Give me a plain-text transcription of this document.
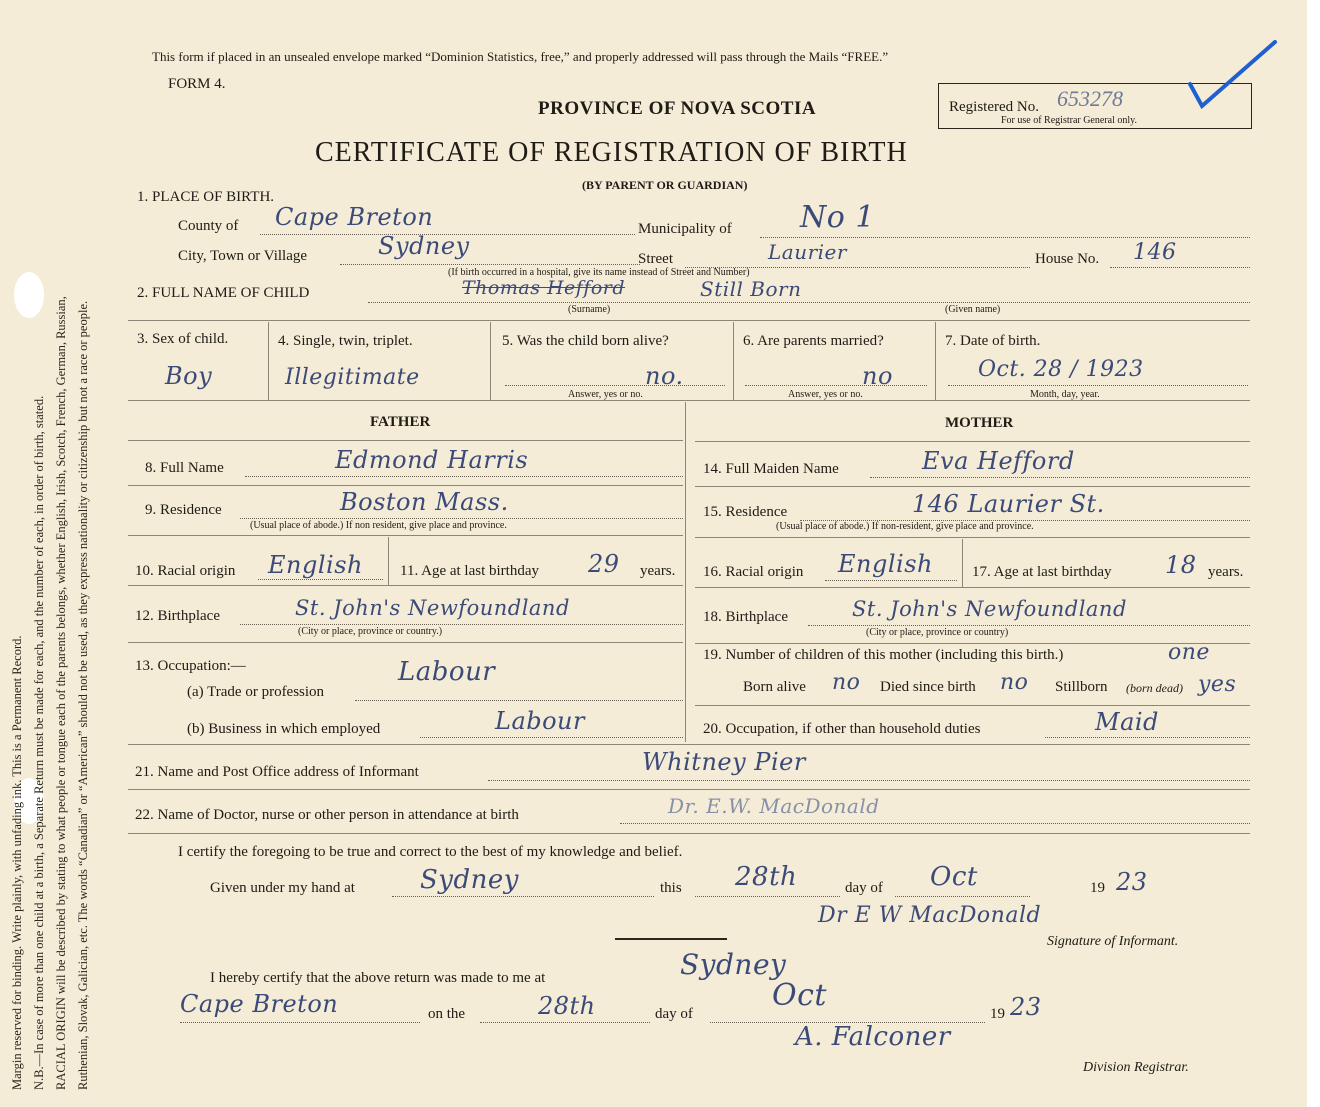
Margin reserved for binding. Write plainly, with unfading ink. This is a Permanent Record. N.B.—In case of more than one child at a birth, a Separate Return must be made for each, and the number of each, in order of birth, stated. RACIAL ORIGIN will be described by stating to what people or tongue each of the parents belongs, whether English, Irish, Scotch, French, German, Russian, Ruthenian, Slovak, Galician, etc. The words “Canadian” or “American” should not be used, as they express nationality or citizenship but not a race or people.
This form if placed in an unsealed envelope marked “Dominion Statistics, free,” and properly addressed will pass through the Mails “FREE.”
FORM 4.
PROVINCE OF NOVA SCOTIA
CERTIFICATE OF REGISTRATION OF BIRTH
(BY PARENT OR GUARDIAN)
Registered No. 653278
For use of Registrar General only.
1. PLACE OF BIRTH.
County of Cape Breton	Municipality of No 1
City, Town or Village	Sydney	Street	Laurier	House No. 146
(If birth occurred in a hospital, give its name instead of Street and Number)
2. FULL NAME OF CHILD	Thomas Hefford	Still Born
(Surname)	(Given name)
3. Sex of child.
Boy
4. Single, twin, triplet.
Illegitimate
5. Was the child born alive?
no.
Answer, yes or no.
6. Are parents married?
no
Answer, yes or no.
7. Date of birth.
Oct. 28 / 1923
Month, day, year.
FATHER	MOTHER
8. Full Name	Edmond Harris	14. Full Maiden Name	Eva Hefford
9. Residence	Boston Mass.
(Usual place of abode.) If non resident, give place and province.
15. Residence	146 Laurier St.
(Usual place of abode.) If non-resident, give place and province.
10. Racial origin English 11. Age at last birthday 29 years. 16. Racial origin English	17. Age at last birthday 18 years.
12. Birthplace	St. John's Newfoundland
(City or place, province or country.)
18. Birthplace	St. John's Newfoundland
(City or place, province or country)
13. Occupation:—
(a) Trade or profession
Labour
(b) Business in which employed	Labour
19. Number of children of this mother (including this birth.)	one
Born alive no Died since birth no Stillborn (born dead) yes
20. Occupation, if other than household duties	Maid
21. Name and Post Office address of Informant	Whitney Pier
22. Name of Doctor, nurse or other person in attendance at birth	Dr. E.W. MacDonald
I certify the foregoing to be true and correct to the best of my knowledge and belief.
Given under my hand at	Sydney	this 28th	day of Oct	19 23
Dr E W MacDonald
Signature of Informant.
I hereby certify that the above return was made to me at	Sydney
Cape Breton	on the	28th	day of
Oct
19 23
A. Falconer
Division Registrar.
